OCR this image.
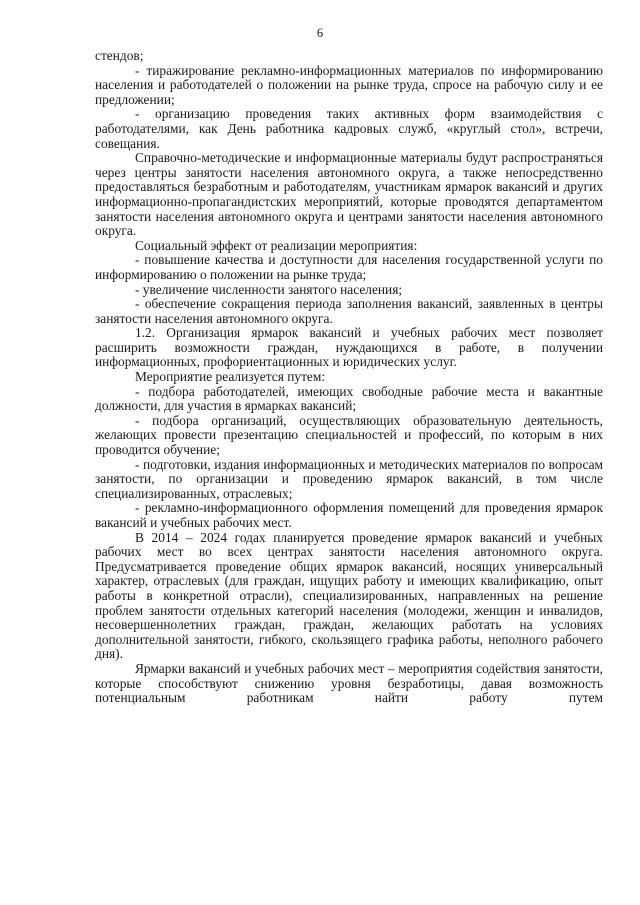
6

стендов;

- тиражирование рекламно-информационных материалов по информированию населения и работодателей о положении на рынке труда, спросе на рабочую силу и ее предложении;

- организацию проведения таких активных форм взаимодействия с работодателями, как День работника кадровых служб, «круглый стол», встречи, совещания.

Справочно-методические и информационные материалы будут распространяться через центры занятости населения автономного округа, а также непосредственно предоставляться безработным и работодателям, участникам ярмарок вакансий и других информационно-пропагандистских мероприятий, которые проводятся департаментом занятости населения автономного округа и центрами занятости населения автономного округа.

Социальный эффект от реализации мероприятия:

- повышение качества и доступности для населения государственной услуги по информированию о положении на рынке труда;

- увеличение численности занятого населения;

- обеспечение сокращения периода заполнения вакансий, заявленных в центры занятости населения автономного округа.

1.2. Организация ярмарок вакансий и учебных рабочих мест позволяет расширить возможности граждан, нуждающихся в работе, в получении информационных, профориентационных и юридических услуг.

Мероприятие реализуется путем:

- подбора работодателей, имеющих свободные рабочие места и вакантные должности, для участия в ярмарках вакансий;

- подбора организаций, осуществляющих образовательную деятельность, желающих провести презентацию специальностей и профессий, по которым в них проводится обучение;

- подготовки, издания информационных и методических материалов по вопросам занятости, по организации и проведению ярмарок вакансий, в том числе специализированных, отраслевых;

- рекламно-информационного оформления помещений для проведения ярмарок вакансий и учебных рабочих мест.

В 2014 – 2024 годах планируется проведение ярмарок вакансий и учебных рабочих мест во всех центрах занятости населения автономного округа. Предусматривается проведение общих ярмарок вакансий, носящих универсальный характер, отраслевых (для граждан, ищущих работу и имеющих квалификацию, опыт работы в конкретной отрасли), специализированных, направленных на решение проблем занятости отдельных категорий населения (молодежи, женщин и инвалидов, несовершеннолетних граждан, граждан, желающих работать на условиях дополнительной занятости, гибкого, скользящего графика работы, неполного рабочего дня).

Ярмарки вакансий и учебных рабочих мест – мероприятия содействия занятости, которые способствуют снижению уровня безработицы, давая возможность потенциальным работникам найти работу путем
